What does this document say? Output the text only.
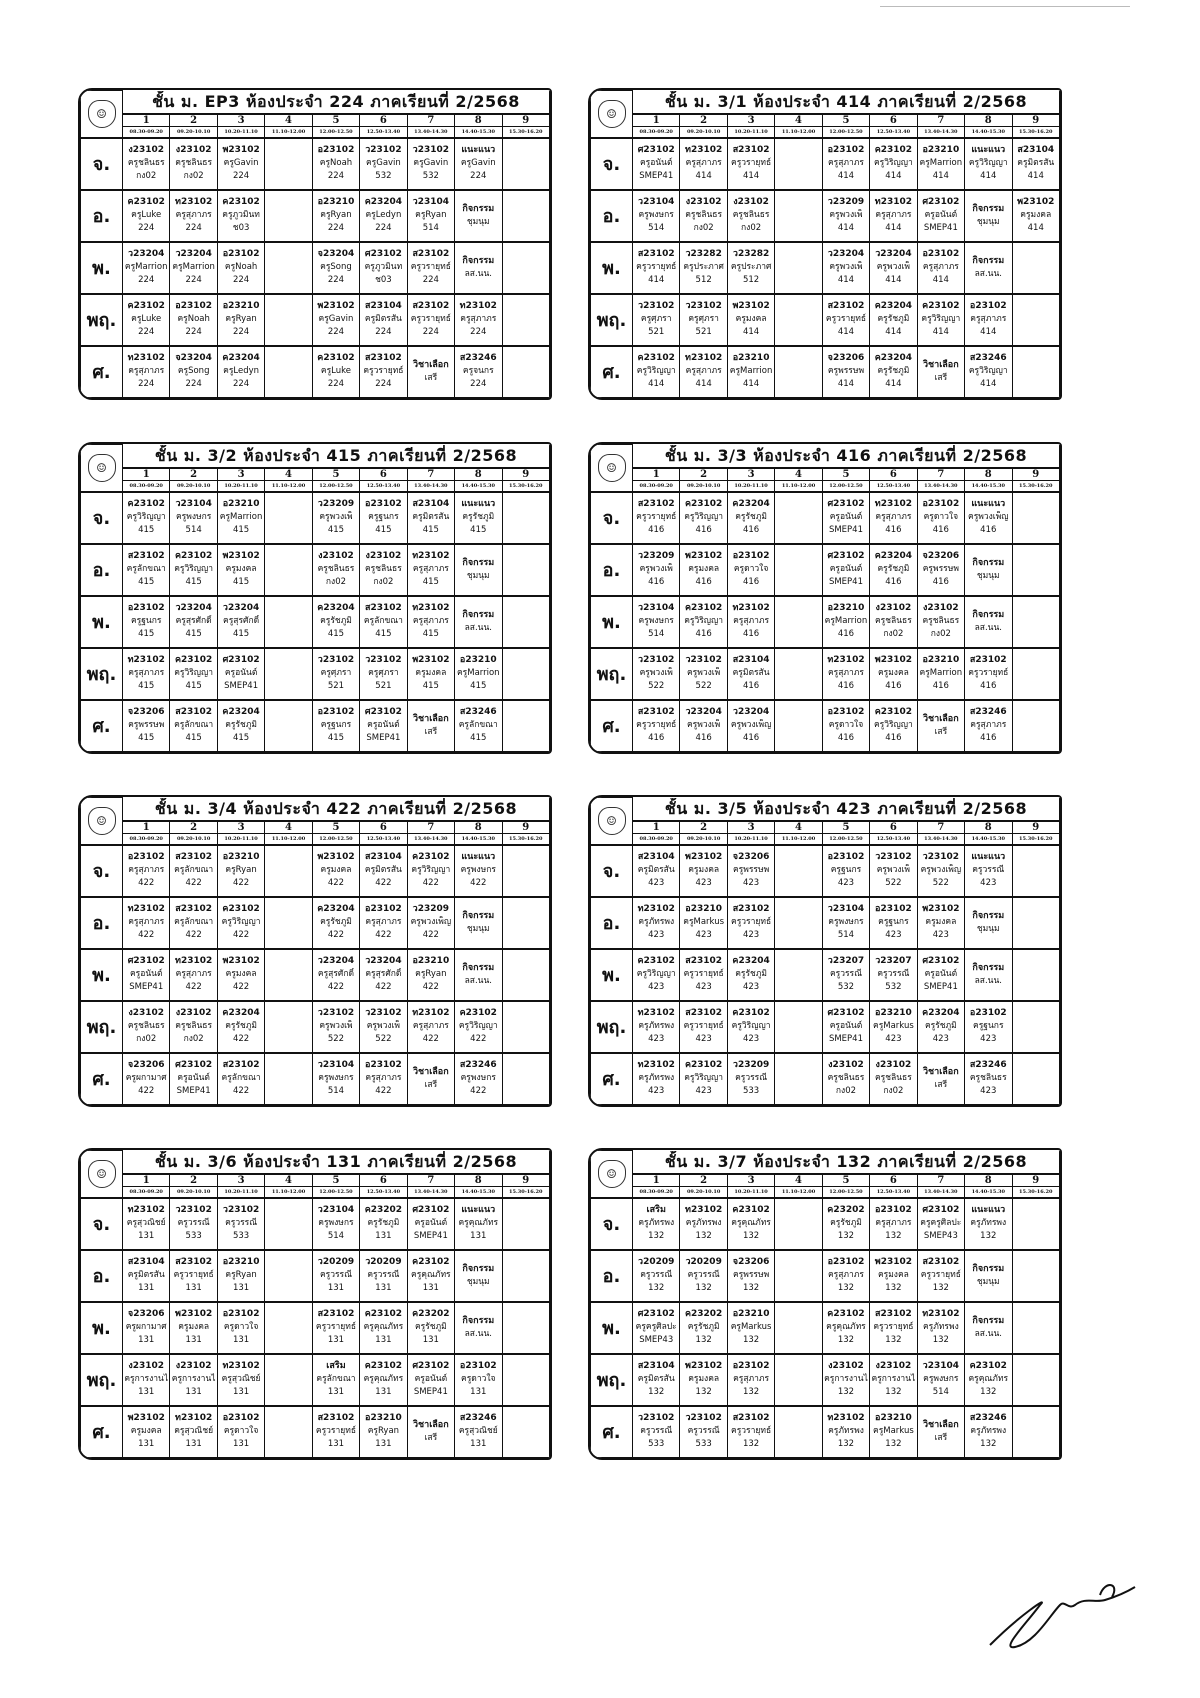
☺	ชั้น ม. EP3 ห้องประจำ 224 ภาคเรียนที่ 2/2568								
	1	2	3	4	5	6	7	8	9
	08.30-09.20	09.20-10.10	10.20-11.10	11.10-12.00	12.00-12.50	12.50-13.40	13.40-14.30	14.40-15.30	15.30-16.20
จ.	ง23102
ครูชลินธร
กง02	ง23102
ครูชลินธร
กง02	พ23102
ครูGavin
224		อ23102
ครูNoah
224	ว23102
ครูGavin
532	ว23102
ครูGavin
532	แนะแนว
ครูGavin
224	

อ.	ค23102
ครูLuke
224	ท23102
ครูสุภาภร
224	ค23102
ครูภูวมินท
ช03		อ23210
ครูRyan
224	ค23204
ครูLedyn
224	ว23104
ครูRyan
514	กิจกรรม
ชุมนุม	

พ.	ว23204
ครูMarrion
224	ว23204
ครูMarrion
224	อ23102
ครูNoah
224		จ23204
ครูSong
224	ศ23102
ครูภูวมินท
ช03	ส23102
ครูวรายุทธ์
224	กิจกรรม
ลส.นน.	

พฤ.	ค23102
ครูLuke
224	อ23102
ครูNoah
224	อ23210
ครูRyan
224		พ23102
ครูGavin
224	ส23104
ครูมิตรสัน
224	ส23102
ครูวรายุทธ์
224	ท23102
ครูสุภาภร
224	

ศ.	ท23102
ครูสุภาภร
224	จ23204
ครูSong
224	ค23204
ครูLedyn
224		ค23102
ครูLuke
224	ส23102
ครูวรายุทธ์
224	วิชาเลือก
เสรี	ส23246
ครูจนกร
224	

☺	ชั้น ม. 3/1 ห้องประจำ 414 ภาคเรียนที่ 2/2568								
	1	2	3	4	5	6	7	8	9
	08.30-09.20	09.20-10.10	10.20-11.10	11.10-12.00	12.00-12.50	12.50-13.40	13.40-14.30	14.40-15.30	15.30-16.20
จ.	ศ23102
ครูอนันต์
SMEP41	ท23102
ครูสุภาภร
414	ส23102
ครูวรายุทธ์
414		อ23102
ครูสุภาภร
414	ค23102
ครูวิริญญา
414	อ23210
ครูMarrion
414	แนะแนว
ครูวิริญญา
414	ส23104
ครูมิตรสัน
414

อ.	ว23104
ครูพงษกร
514	ง23102
ครูชลินธร
กง02	ง23102
ครูชลินธร
กง02		ว23209
ครูพวงเพ็
414	ท23102
ครูสุภาภร
414	ศ23102
ครูอนันต์
SMEP41	กิจกรรม
ชุมนุม	พ23102
ครูมงคล
414

พ.	ส23102
ครูวรายุทธ์
414	ว23282
ครูประภาศ
512	ว23282
ครูประภาศ
512		ว23204
ครูพวงเพ็
414	ว23204
ครูพวงเพ็
414	อ23102
ครูสุภาภร
414	กิจกรรม
ลส.นน.	

พฤ.	ว23102
ครูศุภรา
521	ว23102
ครูศุภรา
521	พ23102
ครูมงคล
414		ส23102
ครูวรายุทธ์
414	ค23204
ครูรัชภูมิ
414	ค23102
ครูวิริญญา
414	อ23102
ครูสุภาภร
414	

ศ.	ค23102
ครูวิริญญา
414	ท23102
ครูสุภาภร
414	อ23210
ครูMarrion
414		จ23206
ครูพรรษพ
414	ค23204
ครูรัชภูมิ
414	วิชาเลือก
เสรี	ส23246
ครูวิริญญา
414	

☺	ชั้น ม. 3/2 ห้องประจำ 415 ภาคเรียนที่ 2/2568								
	1	2	3	4	5	6	7	8	9
	08.30-09.20	09.20-10.10	10.20-11.10	11.10-12.00	12.00-12.50	12.50-13.40	13.40-14.30	14.40-15.30	15.30-16.20
จ.	ค23102
ครูวิริญญา
415	ว23104
ครูพงษกร
514	อ23210
ครูMarrion
415		ว23209
ครูพวงเพ็
415	อ23102
ครูฐนกร
415	ส23104
ครูมิตรสัน
415	แนะแนว
ครูรัชภูมิ
415	

อ.	ส23102
ครูลักขณา
415	ค23102
ครูวิริญญา
415	พ23102
ครูมงคล
415		ง23102
ครูชลินธร
กง02	ง23102
ครูชลินธร
กง02	ท23102
ครูสุภาภร
415	กิจกรรม
ชุมนุม	

พ.	อ23102
ครูฐนกร
415	ว23204
ครูสุรศักดิ์
415	ว23204
ครูสุรศักดิ์
415		ค23204
ครูรัชภูมิ
415	ส23102
ครูลักขณา
415	ท23102
ครูสุภาภร
415	กิจกรรม
ลส.นน.	

พฤ.	ท23102
ครูสุภาภร
415	ค23102
ครูวิริญญา
415	ศ23102
ครูอนันต์
SMEP41		ว23102
ครูศุภรา
521	ว23102
ครูศุภรา
521	พ23102
ครูมงคล
415	อ23210
ครูMarrion
415	

ศ.	จ23206
ครูพรรษพ
415	ส23102
ครูลักขณา
415	ค23204
ครูรัชภูมิ
415		อ23102
ครูฐนกร
415	ศ23102
ครูอนันต์
SMEP41	วิชาเลือก
เสรี	ส23246
ครูลักขณา
415	

☺	ชั้น ม. 3/3 ห้องประจำ 416 ภาคเรียนที่ 2/2568								
	1	2	3	4	5	6	7	8	9
	08.30-09.20	09.20-10.10	10.20-11.10	11.10-12.00	12.00-12.50	12.50-13.40	13.40-14.30	14.40-15.30	15.30-16.20
จ.	ส23102
ครูวรายุทธ์
416	ค23102
ครูวิริญญา
416	ค23204
ครูรัชภูมิ
416		ศ23102
ครูอนันต์
SMEP41	ท23102
ครูสุภาภร
416	อ23102
ครูดาวใจ
416	แนะแนว
ครูพวงเพ็ญ
416	

อ.	ว23209
ครูพวงเพ็
416	พ23102
ครูมงคล
416	อ23102
ครูดาวใจ
416		ศ23102
ครูอนันต์
SMEP41	ค23204
ครูรัชภูมิ
416	จ23206
ครูพรรษพ
416	กิจกรรม
ชุมนุม	

พ.	ว23104
ครูพงษกร
514	ค23102
ครูวิริญญา
416	ท23102
ครูสุภาภร
416		อ23210
ครูMarrion
416	ง23102
ครูชลินธร
กง02	ง23102
ครูชลินธร
กง02	กิจกรรม
ลส.นน.	

พฤ.	ว23102
ครูพวงเพ็
522	ว23102
ครูพวงเพ็
522	ส23104
ครูมิตรสัน
416		ท23102
ครูสุภาภร
416	พ23102
ครูมงคล
416	อ23210
ครูMarrion
416	ส23102
ครูวรายุทธ์
416	

ศ.	ส23102
ครูวรายุทธ์
416	ว23204
ครูพวงเพ็
416	ว23204
ครูพวงเพ็ญ
416		อ23102
ครูดาวใจ
416	ค23102
ครูวิริญญา
416	วิชาเลือก
เสรี	ส23246
ครูสุภาภร
416	

☺	ชั้น ม. 3/4 ห้องประจำ 422 ภาคเรียนที่ 2/2568								
	1	2	3	4	5	6	7	8	9
	08.30-09.20	09.20-10.10	10.20-11.10	11.10-12.00	12.00-12.50	12.50-13.40	13.40-14.30	14.40-15.30	15.30-16.20
จ.	อ23102
ครูสุภาภร
422	ส23102
ครูลักขณา
422	อ23210
ครูRyan
422		พ23102
ครูมงคล
422	ส23104
ครูมิตรสัน
422	ค23102
ครูวิริญญา
422	แนะแนว
ครูพงษกร
422	

อ.	ท23102
ครูสุภาภร
422	ส23102
ครูลักขณา
422	ค23102
ครูวิริญญา
422		ค23204
ครูรัชภูมิ
422	อ23102
ครูสุภาภร
422	ว23209
ครูพวงเพ็ญ
422	กิจกรรม
ชุมนุม	

พ.	ศ23102
ครูอนันต์
SMEP41	ท23102
ครูสุภาภร
422	พ23102
ครูมงคล
422		ว23204
ครูสุรศักดิ์
422	ว23204
ครูสุรศักดิ์
422	อ23210
ครูRyan
422	กิจกรรม
ลส.นน.	

พฤ.	ง23102
ครูชลินธร
กง02	ง23102
ครูชลินธร
กง02	ค23204
ครูรัชภูมิ
422		ว23102
ครูพวงเพ็
522	ว23102
ครูพวงเพ็
522	ท23102
ครูสุภาภร
422	ค23102
ครูวิริญญา
422	

ศ.	จ23206
ครูผกามาศ
422	ศ23102
ครูอนันต์
SMEP41	ส23102
ครูลักขณา
422		ว23104
ครูพงษกร
514	อ23102
ครูสุภาภร
422	วิชาเลือก
เสรี	ส23246
ครูพงษกร
422	

☺	ชั้น ม. 3/5 ห้องประจำ 423 ภาคเรียนที่ 2/2568								
	1	2	3	4	5	6	7	8	9
	08.30-09.20	09.20-10.10	10.20-11.10	11.10-12.00	12.00-12.50	12.50-13.40	13.40-14.30	14.40-15.30	15.30-16.20
จ.	ส23104
ครูมิตรสัน
423	พ23102
ครูมงคล
423	จ23206
ครูพรรษพ
423		อ23102
ครูฐนกร
423	ว23102
ครูพวงเพ็
522	ว23102
ครูพวงเพ็ญ
522	แนะแนว
ครูวรรณี
423	

อ.	ท23102
ครูภัทรพง
423	อ23210
ครูMarkus
423	ส23102
ครูวรายุทธ์
423		ว23104
ครูพงษกร
514	อ23102
ครูฐนกร
423	พ23102
ครูมงคล
423	กิจกรรม
ชุมนุม	

พ.	ค23102
ครูวิริญญา
423	ส23102
ครูวรายุทธ์
423	ค23204
ครูรัชภูมิ
423		ว23207
ครูวรรณี
532	ว23207
ครูวรรณี
532	ศ23102
ครูอนันต์
SMEP41	กิจกรรม
ลส.นน.	

พฤ.	ท23102
ครูภัทรพง
423	ส23102
ครูวรายุทธ์
423	ค23102
ครูวิริญญา
423		ศ23102
ครูอนันต์
SMEP41	อ23210
ครูMarkus
423	ค23204
ครูรัชภูมิ
423	อ23102
ครูฐนกร
423	

ศ.	ท23102
ครูภัทรพง
423	ค23102
ครูวิริญญา
423	ว23209
ครูวรรณี
533		ง23102
ครูชลินธร
กง02	ง23102
ครูชลินธร
กง02	วิชาเลือก
เสรี	ส23246
ครูชลินธร
423	

☺	ชั้น ม. 3/6 ห้องประจำ 131 ภาคเรียนที่ 2/2568								
	1	2	3	4	5	6	7	8	9
	08.30-09.20	09.20-10.10	10.20-11.10	11.10-12.00	12.00-12.50	12.50-13.40	13.40-14.30	14.40-15.30	15.30-16.20
จ.	ท23102
ครูสุวณิชย์
131	ว23102
ครูวรรณี
533	ว23102
ครูวรรณี
533		ว23104
ครูพงษกร
514	ค23202
ครูรัชภูมิ
131	ศ23102
ครูอนันต์
SMEP41	แนะแนว
ครูคุณภัทร
131	

อ.	ส23104
ครูมิตรสัน
131	ส23102
ครูวรายุทธ์
131	อ23210
ครูRyan
131		ว20209
ครูวรรณี
131	ว20209
ครูวรรณี
131	ค23102
ครูคุณภัทร
131	กิจกรรม
ชุมนุม	

พ.	จ23206
ครูผกามาศ
131	พ23102
ครูมงคล
131	อ23102
ครูดาวใจ
131		ส23102
ครูวรายุทธ์
131	ค23102
ครูคุณภัทร
131	ค23202
ครูรัชภูมิ
131	กิจกรรม
ลส.นน.	

พฤ.	ง23102
ครูการงานไ
131	ง23102
ครูการงานไ
131	ท23102
ครูสุวณิชย์
131		เสริม
ครูลักขณา
131	ค23102
ครูคุณภัทร
131	ศ23102
ครูอนันต์
SMEP41	อ23102
ครูดาวใจ
131	

ศ.	พ23102
ครูมงคล
131	ท23102
ครูสุวณิชย์
131	อ23102
ครูดาวใจ
131		ส23102
ครูวรายุทธ์
131	อ23210
ครูRyan
131	วิชาเลือก
เสรี	ส23246
ครูสุวณิชย์
131	

☺	ชั้น ม. 3/7 ห้องประจำ 132 ภาคเรียนที่ 2/2568								
	1	2	3	4	5	6	7	8	9
	08.30-09.20	09.20-10.10	10.20-11.10	11.10-12.00	12.00-12.50	12.50-13.40	13.40-14.30	14.40-15.30	15.30-16.20
จ.	เสริม
ครูภัทรพง
132	ท23102
ครูภัทรพง
132	ค23102
ครูคุณภัทร
132		ค23202
ครูรัชภูมิ
132	อ23102
ครูสุภาภร
132	ศ23102
ครูครูศิลปะ
SMEP43	แนะแนว
ครูภัทรพง
132	

อ.	ว20209
ครูวรรณี
132	ว20209
ครูวรรณี
132	จ23206
ครูพรรษพ
132		อ23102
ครูสุภาภร
132	พ23102
ครูมงคล
132	ส23102
ครูวรายุทธ์
132	กิจกรรม
ชุมนุม	

พ.	ศ23102
ครูครูศิลปะ
SMEP43	ค23202
ครูรัชภูมิ
132	อ23210
ครูMarkus
132		ค23102
ครูคุณภัทร
132	ส23102
ครูวรายุทธ์
132	ท23102
ครูภัทรพง
132	กิจกรรม
ลส.นน.	

พฤ.	ส23104
ครูมิตรสัน
132	พ23102
ครูมงคล
132	อ23102
ครูสุภาภร
132		ง23102
ครูการงานไ
132	ง23102
ครูการงานไ
132	ว23104
ครูพงษกร
514	ค23102
ครูคุณภัทร
132	

ศ.	ว23102
ครูวรรณี
533	ว23102
ครูวรรณี
533	ส23102
ครูวรายุทธ์
132		ท23102
ครูภัทรพง
132	อ23210
ครูMarkus
132	วิชาเลือก
เสรี	ส23246
ครูภัทรพง
132	
